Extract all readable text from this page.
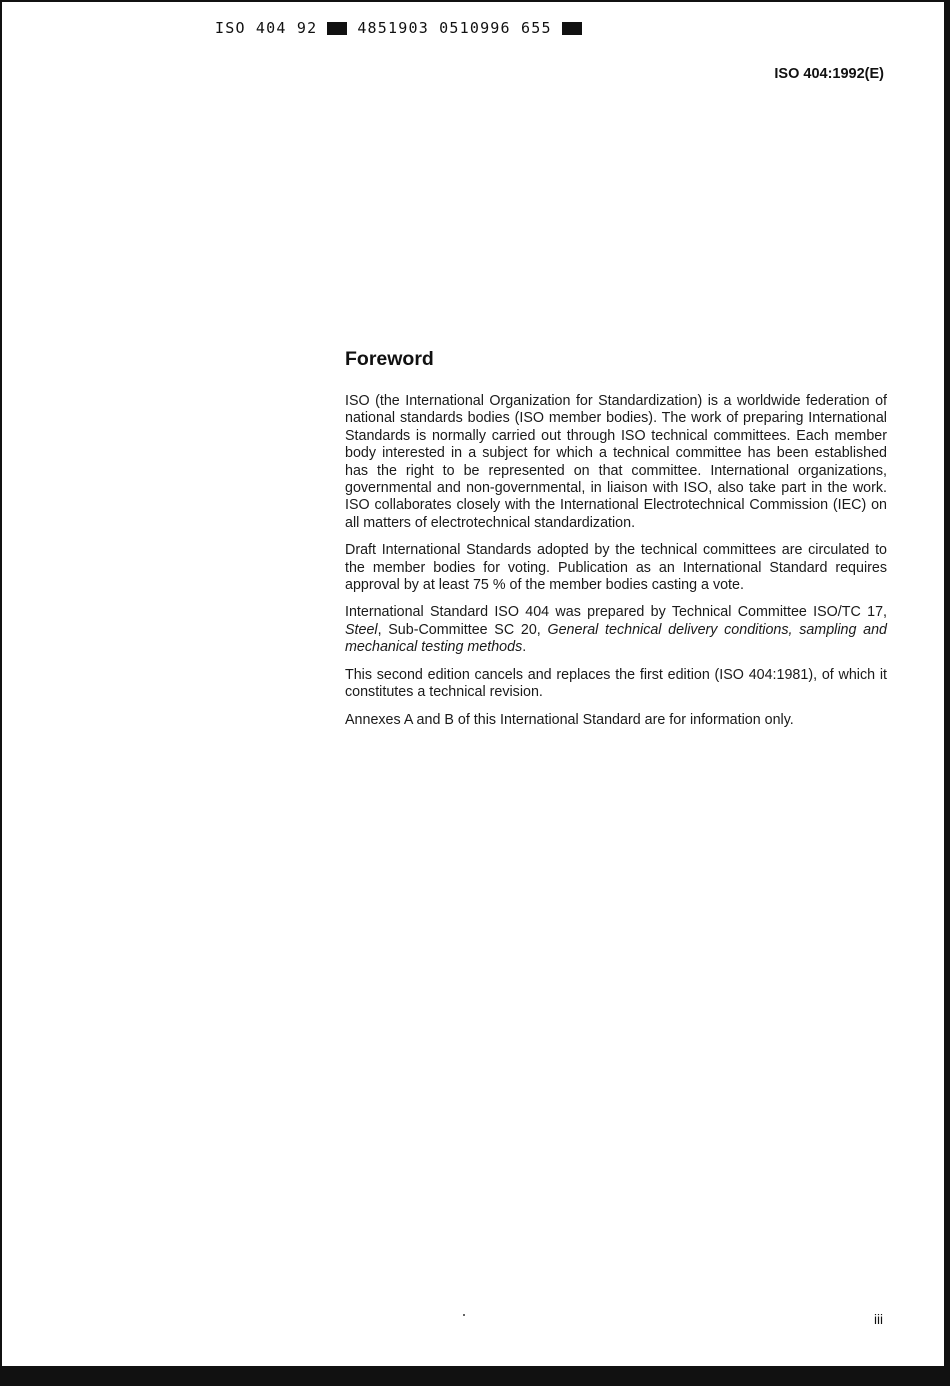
ISO 404 92	4851903 0510996 655
ISO 404:1992(E)
Foreword

ISO (the International Organization for Standardization) is a worldwide federation of national standards bodies (ISO member bodies). The work of preparing International Standards is normally carried out through ISO technical committees. Each member body interested in a subject for which a technical committee has been established has the right to be represented on that committee. International organizations, governmental and non-governmental, in liaison with ISO, also take part in the work. ISO collaborates closely with the International Electrotechnical Commission (IEC) on all matters of electrotechnical standardization.

Draft International Standards adopted by the technical committees are circulated to the member bodies for voting. Publication as an International Standard requires approval by at least 75 % of the member bodies casting a vote.

International Standard ISO 404 was prepared by Technical Committee ISO/TC 17, Steel, Sub-Committee SC 20, General technical delivery conditions, sampling and mechanical testing methods.

This second edition cancels and replaces the first edition (ISO 404:1981), of which it constitutes a technical revision.

Annexes A and B of this International Standard are for information only.

iii
